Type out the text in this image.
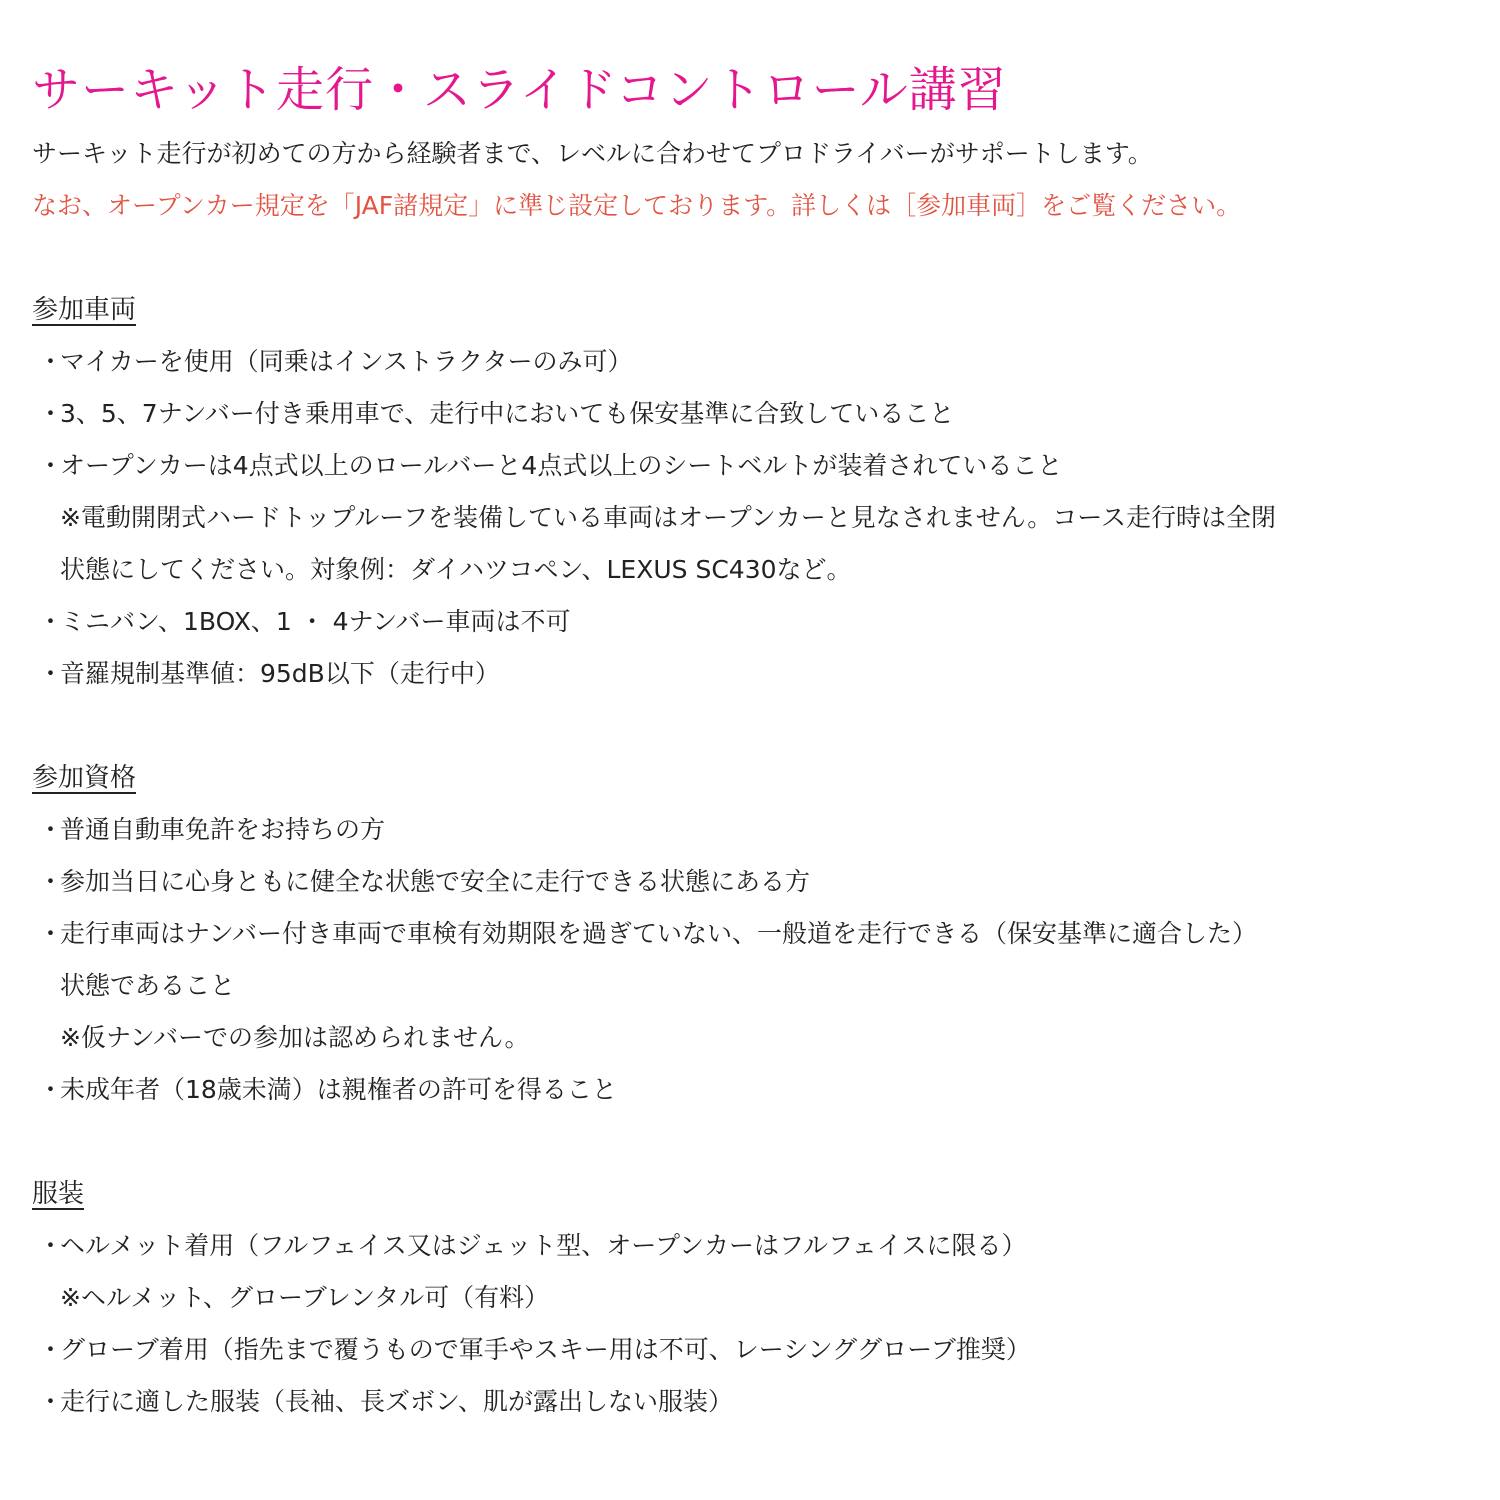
サーキット走行・スライドコントロール講習

サーキット走行が初めての方から経験者まで、レベルに合わせてプロドライバーがサポートします。

なお、オープンカー規定を「JAF諸規定」に準じ設定しております。詳しくは［参加車両］をご覧ください。

参加車両
・
マイカーを使用（同乗はインストラクターのみ可）
・
3、5、7ナンバー付き乗用車で、走行中においても保安基準に合致していること
・
オープンカーは4点式以上のロールバーと4点式以上のシートベルトが装着されていること
※電動開閉式ハードトップルーフを装備している車両はオープンカーと見なされません。コース走行時は全閉
状態にしてください。対象例：ダイハツコペン、LEXUS SC430など。
・
ミニバン、1BOX、1 ・ 4ナンバー車両は不可
・
音羅規制基準値：95dB以下（走行中）
参加資格
・
普通自動車免許をお持ちの方
・
参加当日に心身ともに健全な状態で安全に走行できる状態にある方
・
走行車両はナンバー付き車両で車検有効期限を過ぎていない、一般道を走行できる（保安基準に適合した）
状態であること
※仮ナンバーでの参加は認められません。
・
未成年者（18歳未満）は親権者の許可を得ること
服装
・
ヘルメット着用（フルフェイス又はジェット型、オープンカーはフルフェイスに限る）
※ヘルメット、グローブレンタル可（有料）
・
グローブ着用（指先まで覆うもので軍手やスキー用は不可、レーシンググローブ推奨）
・
走行に適した服装（長袖、長ズボン、肌が露出しない服装）
